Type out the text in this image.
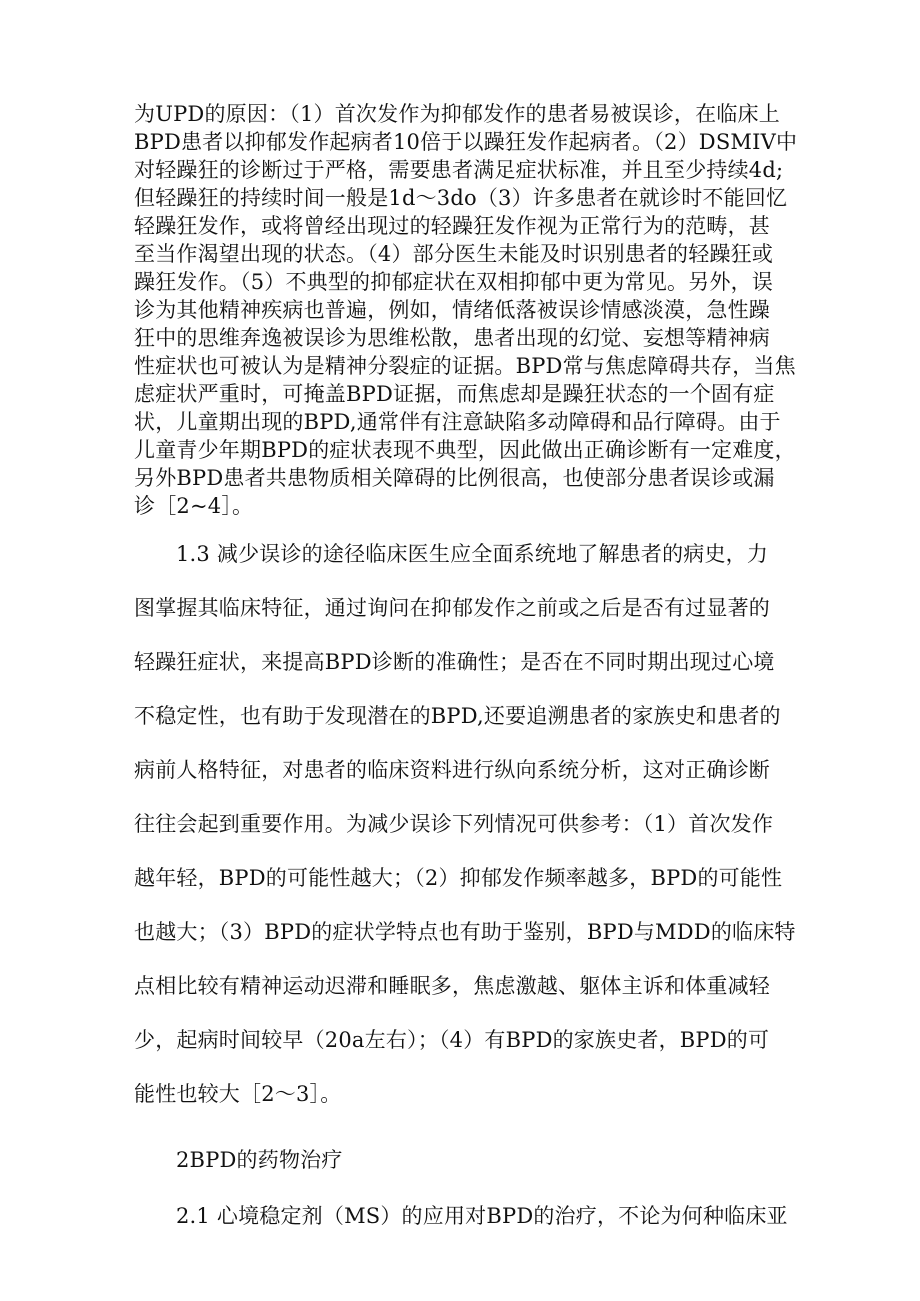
为UPD的原因：（1）首次发作为抑郁发作的患者易被误诊，在临床上
BPD患者以抑郁发作起病者10倍于以躁狂发作起病者。（2）DSMIV中
对轻躁狂的诊断过于严格，需要患者满足症状标准，并且至少持续4d;
但轻躁狂的持续时间一般是1d～3do（3）许多患者在就诊时不能回忆
轻躁狂发作，或将曾经出现过的轻躁狂发作视为正常行为的范畴，甚
至当作渴望出现的状态。（4）部分医生未能及时识别患者的轻躁狂或
躁狂发作。（5）不典型的抑郁症状在双相抑郁中更为常见。另外，误
诊为其他精神疾病也普遍，例如，情绪低落被误诊情感淡漠，急性躁
狂中的思维奔逸被误诊为思维松散，患者出现的幻觉、妄想等精神病
性症状也可被认为是精神分裂症的证据。BPD常与焦虑障碍共存，当焦
虑症状严重时，可掩盖BPD证据，而焦虑却是躁狂状态的一个固有症
状，儿童期出现的BPD,通常伴有注意缺陷多动障碍和品行障碍。由于
儿童青少年期BPD的症状表现不典型，因此做出正确诊断有一定难度，
另外BPD患者共患物质相关障碍的比例很高，也使部分患者误诊或漏
诊［2~4］。
1.3 减少误诊的途径临床医生应全面系统地了解患者的病史，力
图掌握其临床特征，通过询问在抑郁发作之前或之后是否有过显著的
轻躁狂症状，来提高BPD诊断的准确性；是否在不同时期出现过心境
不稳定性，也有助于发现潜在的BPD,还要追溯患者的家族史和患者的
病前人格特征，对患者的临床资料进行纵向系统分析，这对正确诊断
往往会起到重要作用。为减少误诊下列情况可供参考：（1）首次发作
越年轻，BPD的可能性越大；（2）抑郁发作频率越多，BPD的可能性
也越大；（3）BPD的症状学特点也有助于鉴别，BPD与MDD的临床特
点相比较有精神运动迟滞和睡眠多，焦虑激越、躯体主诉和体重减轻
少，起病时间较早（20a左右）；（4）有BPD的家族史者，BPD的可
能性也较大［2～3］。
2BPD的药物治疗
2.1 心境稳定剂（MS）的应用对BPD的治疗，不论为何种临床亚
